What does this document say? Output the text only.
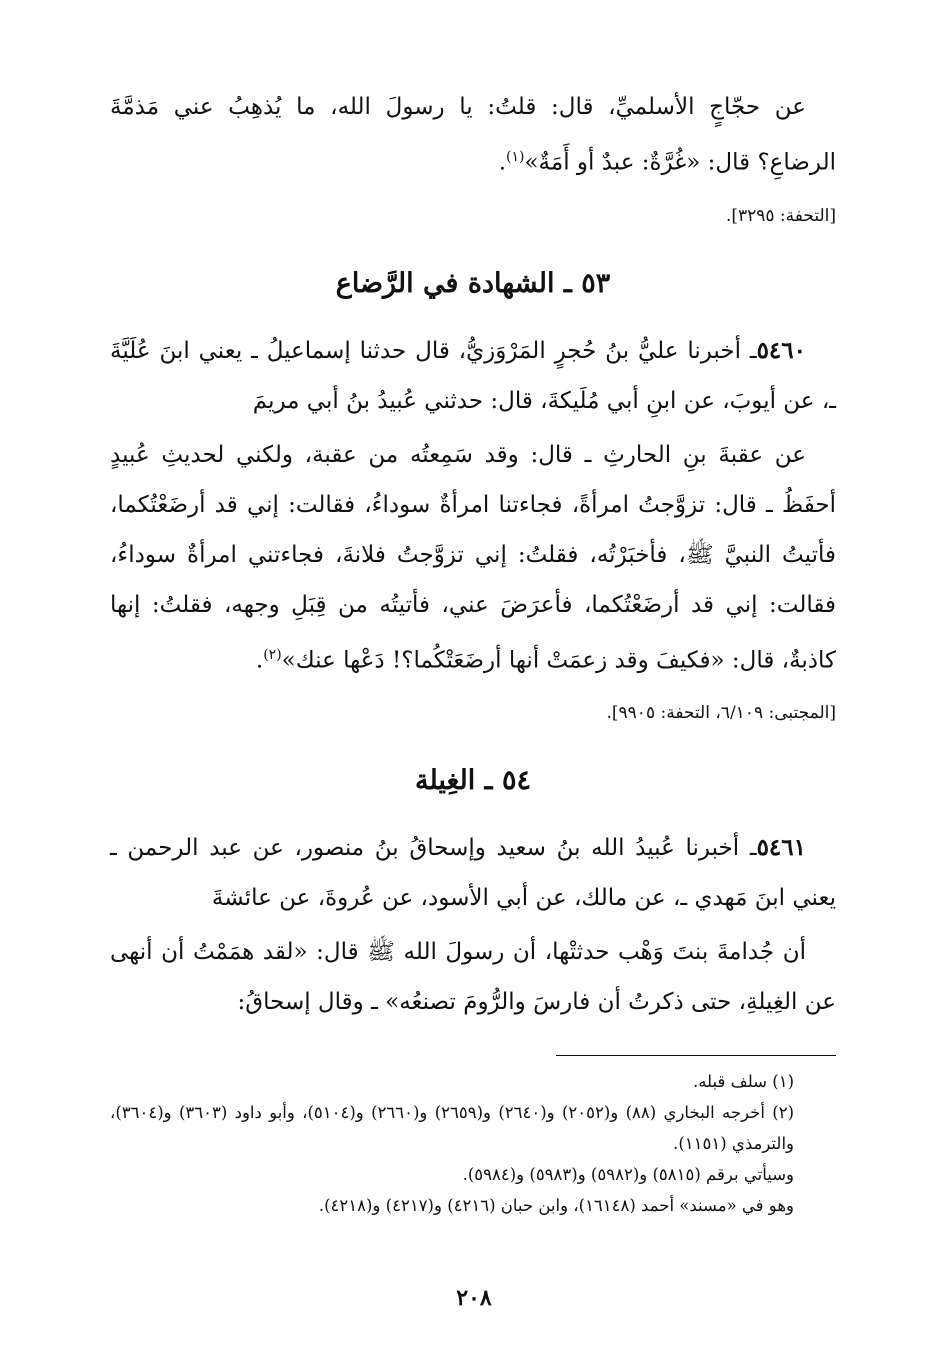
عن حجّاجٍ الأسلميِّ، قال: قلتُ: يا رسولَ الله، ما يُذهِبُ عني مَذمَّةَ الرضاعِ؟ قال: «غُرَّةٌ: عبدٌ أو أَمَةٌ»$^{(١)}$.

[التحفة: ٣٢٩٥].

٥٣ ـ الشهادة في الرَّضاع

٥٤٦٠ـ أخبرنا عليُّ بنُ حُجرٍ المَرْوَزيُّ، قال حدثنا إسماعيلُ ـ يعني ابنَ عُلَيَّةَ ـ، عن أيوبَ، عن ابنِ أبي مُلَيكةَ، قال: حدثني عُبيدُ بنُ أبي مريمَ

عن عقبةَ بنِ الحارثِ ـ قال: وقد سَمِعتُه من عقبة، ولكني لحديثِ عُبيدٍ أحفَظُ ـ قال: تزوَّجتُ امرأةً، فجاءتنا امرأةٌ سوداءُ، فقالت: إني قد أرضَعْتُكما، فأتيتُ النبيَّ ﷺ، فأخبَرْتُه، فقلتُ: إني تزوَّجتُ فلانةَ، فجاءتني امرأةٌ سوداءُ، فقالت: إني قد أرضَعْتُكما، فأعرَضَ عني، فأتيتُه من قِبَلِ وجهه، فقلتُ: إنها كاذبةٌ، قال: «فكيفَ وقد زعمَتْ أنها أرضَعَتْكُما؟! دَعْها عنك»$^{(٢)}$.

[المجتبى: ٦/١٠٩، التحفة: ٩٩٠٥].

٥٤ ـ الغِيلة

٥٤٦١ـ أخبرنا عُبيدُ الله بنُ سعيد وإسحاقُ بنُ منصور، عن عبد الرحمن ـ يعني ابنَ مَهدي ـ، عن مالك، عن أبي الأسود، عن عُروةَ، عن عائشةَ

أن جُدامةَ بنتَ وَهْب حدثتْها، أن رسولَ الله ﷺ قال: «لقد همَمْتُ أن أنهى عن الغِيلةِ، حتى ذكرتُ أن فارسَ والرُّومَ تصنعُه» ـ وقال إسحاقُ:

(١) سلف قبله.

(٢) أخرجه البخاري (٨٨) و(٢٠٥٢) و(٢٦٤٠) و(٢٦٥٩) و(٢٦٦٠) و(٥١٠٤)، وأبو داود (٣٦٠٣) و(٣٦٠٤)، والترمذي (١١٥١).

وسيأتي برقم (٥٨١٥) و(٥٩٨٢) و(٥٩٨٣) و(٥٩٨٤).

وهو في «مسند» أحمد (١٦١٤٨)، وابن حبان (٤٢١٦) و(٤٢١٧) و(٤٢١٨).

٢٠٨
